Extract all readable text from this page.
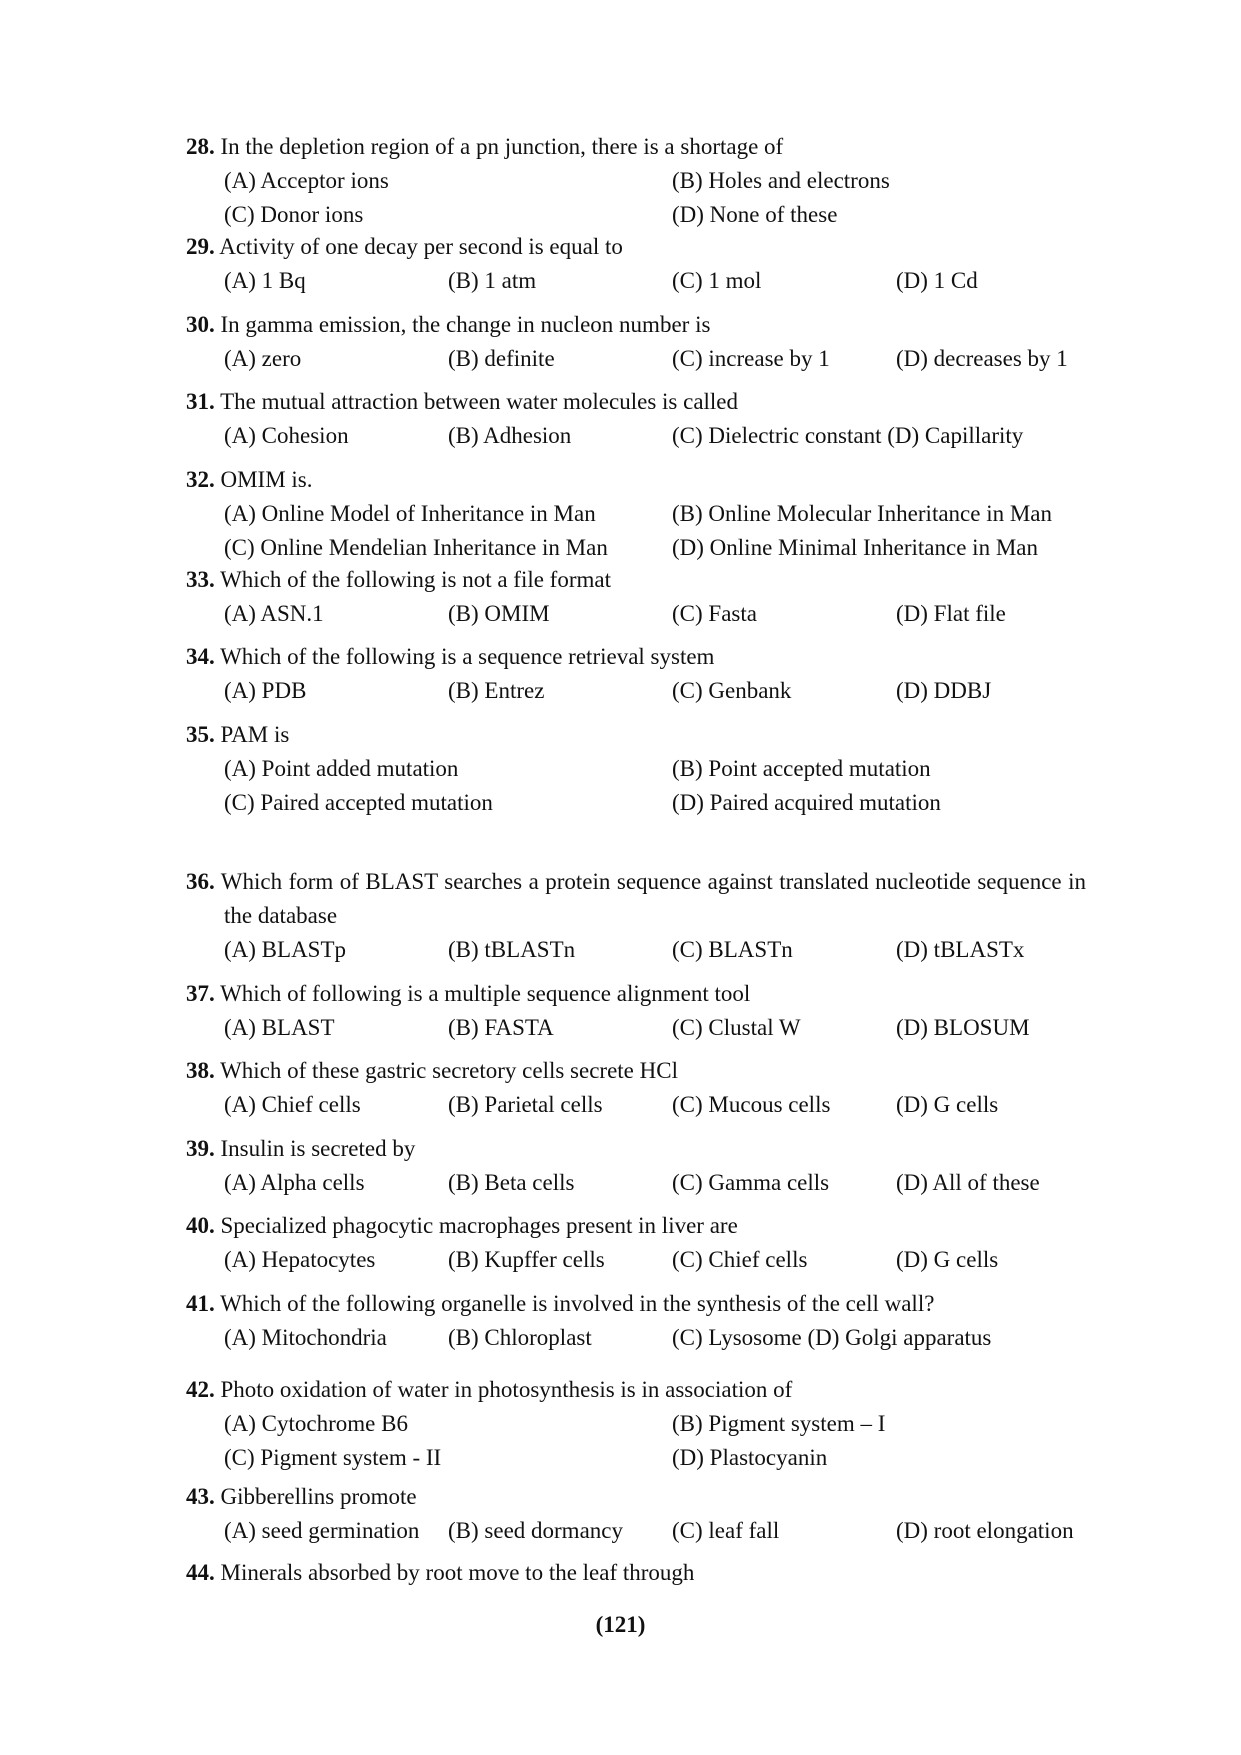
28. In the depletion region of a pn junction, there is a shortage of
(A) Acceptor ions	(B) Holes and electrons
(C) Donor ions	(D) None of these
29. Activity of one decay per second is equal to
(A) 1 Bq	(B) 1 atm	(C) 1 mol	(D) 1 Cd
30. In gamma emission, the change in nucleon number is
(A) zero	(B) definite	(C) increase by 1	(D) decreases by 1
31. The mutual attraction between water molecules is called
(A) Cohesion	(B) Adhesion	(C) Dielectric constant (D) Capillarity
32. OMIM is.
(A) Online Model of Inheritance in Man	(B) Online Molecular Inheritance in Man
(C) Online Mendelian Inheritance in Man	(D) Online Minimal Inheritance in Man
33. Which of the following is not a file format
(A) ASN.1	(B) OMIM	(C) Fasta	(D) Flat file
34. Which of the following is a sequence retrieval system
(A) PDB	(B) Entrez	(C) Genbank	(D) DDBJ
35. PAM is
(A) Point added mutation	(B) Point accepted mutation
(C) Paired accepted mutation	(D) Paired acquired mutation
36. Which form of BLAST searches a protein sequence against translated nucleotide sequence in the database
(A) BLASTp	(B) tBLASTn	(C) BLASTn	(D) tBLASTx
37. Which of following is a multiple sequence alignment tool
(A) BLAST	(B) FASTA	(C) Clustal W	(D) BLOSUM
38. Which of these gastric secretory cells secrete HCl
(A) Chief cells	(B) Parietal cells	(C) Mucous cells	(D) G cells
39. Insulin is secreted by
(A) Alpha cells	(B) Beta cells	(C) Gamma cells	(D) All of these
40. Specialized phagocytic macrophages present in liver are
(A) Hepatocytes	(B) Kupffer cells	(C) Chief cells	(D) G cells
41. Which of the following organelle is involved in the synthesis of the cell wall?
(A) Mitochondria	(B) Chloroplast	(C) Lysosome (D) Golgi apparatus
42. Photo oxidation of water in photosynthesis is in association of
(A) Cytochrome B6	(B) Pigment system – I
(C) Pigment system - II	(D) Plastocyanin
43. Gibberellins promote
(A) seed germination (B) seed dormancy (C) leaf fall	(D) root elongation
44. Minerals absorbed by root move to the leaf through
(121)
